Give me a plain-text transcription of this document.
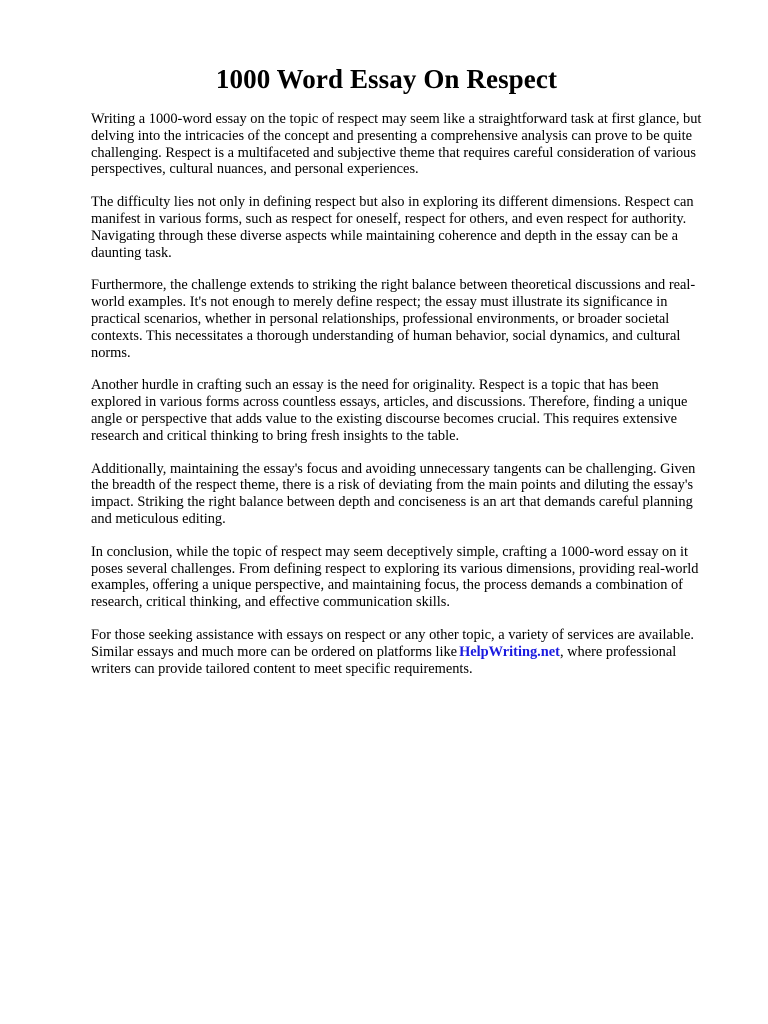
1000 Word Essay On Respect

Writing a 1000-word essay on the topic of respect may seem like a straightforward task at first glance, but delving into the intricacies of the concept and presenting a comprehensive analysis can prove to be quite challenging. Respect is a multifaceted and subjective theme that requires careful consideration of various perspectives, cultural nuances, and personal experiences.

The difficulty lies not only in defining respect but also in exploring its different dimensions. Respect can manifest in various forms, such as respect for oneself, respect for others, and even respect for authority. Navigating through these diverse aspects while maintaining coherence and depth in the essay can be a daunting task.

Furthermore, the challenge extends to striking the right balance between theoretical discussions and real-world examples. It's not enough to merely define respect; the essay must illustrate its significance in practical scenarios, whether in personal relationships, professional environments, or broader societal contexts. This necessitates a thorough understanding of human behavior, social dynamics, and cultural norms.

Another hurdle in crafting such an essay is the need for originality. Respect is a topic that has been explored in various forms across countless essays, articles, and discussions. Therefore, finding a unique angle or perspective that adds value to the existing discourse becomes crucial. This requires extensive research and critical thinking to bring fresh insights to the table.

Additionally, maintaining the essay's focus and avoiding unnecessary tangents can be challenging. Given the breadth of the respect theme, there is a risk of deviating from the main points and diluting the essay's impact. Striking the right balance between depth and conciseness is an art that demands careful planning and meticulous editing.

In conclusion, while the topic of respect may seem deceptively simple, crafting a 1000-word essay on it poses several challenges. From defining respect to exploring its various dimensions, providing real-world examples, offering a unique perspective, and maintaining focus, the process demands a combination of research, critical thinking, and effective communication skills.

For those seeking assistance with essays on respect or any other topic, a variety of services are available. Similar essays and much more can be ordered on platforms like HelpWriting.net, where professional writers can provide tailored content to meet specific requirements.
